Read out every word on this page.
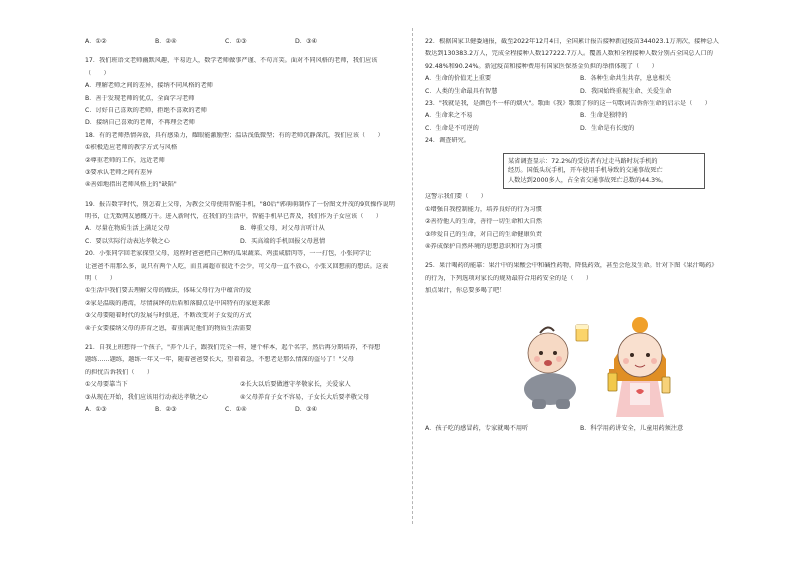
A．①②	B．②④	C．①③	D．③④
17．我们班语文老师幽默风趣，平易近人，数学老师做事严谨、不苟言笑。面对不同风格的老师，我们应该
（　　）
A．理解老师之间的差异，接纳不同风格的老师
B．善于发现老师的优点，全面学习老师
C．讨好自己喜欢的老师，拒绝不喜欢的老师
D．接纳自己喜欢的老师，不再理会老师
18．有的老师热情奔放，具有感染力，耀眼能激励型；温话浅低微型；有的老师沉静深沉，我们应该（　　）
①积极适应老师的教学方式与风格
②尊重老师的工作，远近老师
③要承认老师之间有差异
④善如地指出老师风格上的"缺陷"
19．报告数字时代，别怎着上父母，为教会父母使用智能手机，"80后"郭萌萌制作了一份图文并茂的9页操作说明
明书，让无数网友感慨万千。进入新时代，在我们的生活中，智能手机早已普及，我们作为子女应该（　　）
A．尽量在物质生活上满足父母	B．尊重父母，对父母言听计从
C．要以实际行动表达孝敬之心	D．买高端的手机回报父母恩情
20．小张同学回老家探望父母，返程时爸爸把自己种的瓜果蔬菜、鸡蛋咸腊肉等，一一打包，小张同学让
让爸爸不用那么多，说只有两个人吃，而且离超市很近不会少，可父母一直不放心，小张又回想前的想法。这表
明（　　）
①生活中我们要去理解父母的做法，体味父母行为中蕴含的爱
②家是温暖的港湾，尽情演绎的后盾和落脚点是中国特有的家庭来源
③父母要随着时代的发展与时俱进，不断改变对子女爱的方式
④子女要接纳父母的养育之恩，着重满足他们的物质生活需要
21．自我上班想得一个孩子，"养个儿子，跟我们完全一样，建个样本，起个名字，然后再分期培养，不得想
题练……题练，题练一年又一年，随着爸爸要长大，望着着急，不想老是那么情深的盗号了！"父母
的担忧告诉我们（　　）
①父母要靠当下	②长大以后要做遵守孝敬家长，关爱家人
③从现在开始，我们应该用行动表达孝敬之心	④父母养育子女不容易，子女长大后要孝敬父母
A．①③	B．②③	C．①④	D．③④
22．根据国家卫健委通报，截至2022年12月4日，全国累计报告接种新冠疫苗344023.1万剂次，接种总人
数达到130383.2万人，完成全程接种人数127222.7万人。覆盖人数和全程接种人数分别占全国总人口的
92.48%和90.24%。新冠疫苗和接种费用有国家医保基金负担的举措体现了（　　）
A．生命的价值无上重要	B．各种生命共生共存，息息相关
C．人类的生命最具有智慧	D．我国始终重视生命、关爱生命
23．"我就是我，是颜色不一样的烟火"。歌曲《我》歌颂了你的这一句歌词告诉你生命的启示是（　　）
A．生命来之不易	B．生命是独特的
C．生命是不可逆的	D．生命是有长度的
24．调查研究。
某省调查显示：72.2%的受访者有过走马路时玩手机的
经历。国低头玩手机，开车使用手机导致的交通事故死亡
人数达到2000多人，占全省交通事故死亡总数的44.3%。
这警示我们要（　　）
①增强自我控制能力，培养良好的行为习惯
②善待他人的生命，善待一切生命和大自然
③珍爱自己的生命，对自己的生命健康负责
④养成保护自然环境的思想意识和行为习惯
25．果汁喝药的能靠：果汁中的果酸会中和碱性药物，降低药效，甚至会危及生命。针对下图《果汁喝药》
的行为，下列选项对家长的规劝最符合用药安全的是（　　）
加点果汁，你总要多喝了吧！
A．孩子吃的感冒药，专家就喝不用听	B．科学用药讲安全，儿童用药须注意
